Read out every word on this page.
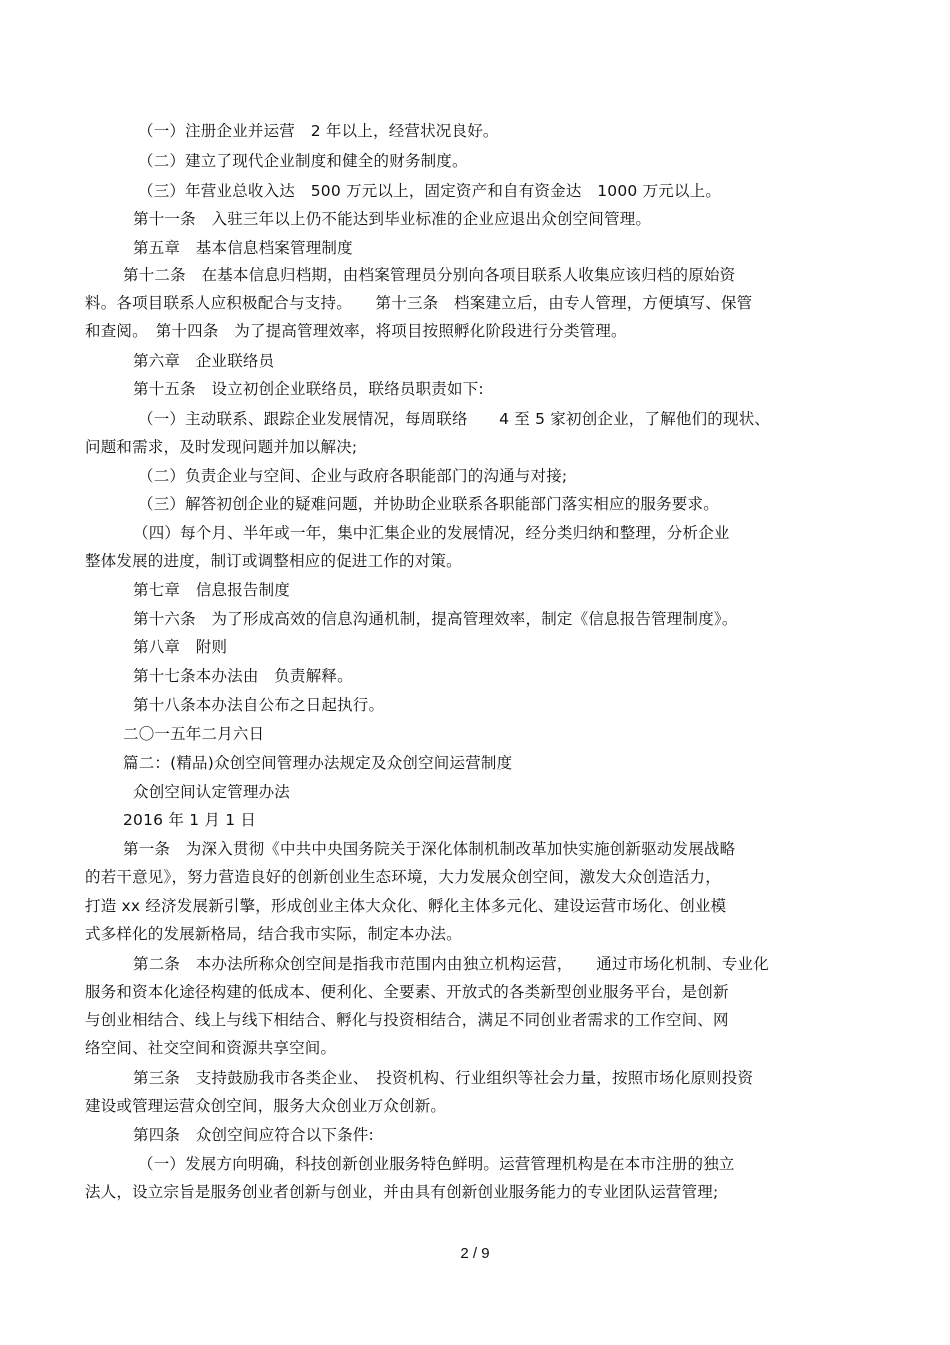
（一）注册企业并运营　2 年以上，经营状况良好。
（二）建立了现代企业制度和健全的财务制度。
（三）年营业总收入达　500 万元以上，固定资产和自有资金达　1000 万元以上。
第十一条　入驻三年以上仍不能达到毕业标准的企业应退出众创空间管理。
第五章　基本信息档案管理制度
第十二条　在基本信息归档期，由档案管理员分别向各项目联系人收集应该归档的原始资
料。各项目联系人应积极配合与支持。　　第十三条　档案建立后，由专人管理，方便填写、保管
和查阅。　第十四条　为了提高管理效率，将项目按照孵化阶段进行分类管理。
第六章　企业联络员
第十五条　设立初创企业联络员，联络员职责如下:
（一）主动联系、跟踪企业发展情况，每周联络　　4 至 5 家初创企业，了解他们的现状、
问题和需求，及时发现问题并加以解决;
（二）负责企业与空间、企业与政府各职能部门的沟通与对接;
（三）解答初创企业的疑难问题，并协助企业联系各职能部门落实相应的服务要求。
（四）每个月、半年或一年，集中汇集企业的发展情况，经分类归纳和整理，分析企业
整体发展的进度，制订或调整相应的促进工作的对策。
第七章　信息报告制度
第十六条　为了形成高效的信息沟通机制，提高管理效率，制定《信息报告管理制度》。
第八章　附则
第十七条本办法由　负责解释。
第十八条本办法自公布之日起执行。
二〇一五年二月六日
篇二：(精品)众创空间管理办法规定及众创空间运营制度
众创空间认定管理办法
2016 年 1 月 1 日
第一条　为深入贯彻《中共中央国务院关于深化体制机制改革加快实施创新驱动发展战略
的若干意见》，努力营造良好的创新创业生态环境，大力发展众创空间，激发大众创造活力，
打造 xx 经济发展新引擎，形成创业主体大众化、孵化主体多元化、建设运营市场化、创业模
式多样化的发展新格局，结合我市实际，制定本办法。
第二条　本办法所称众创空间是指我市范围内由独立机构运营，　　通过市场化机制、专业化
服务和资本化途径构建的低成本、便利化、全要素、开放式的各类新型创业服务平台，是创新
与创业相结合、线上与线下相结合、孵化与投资相结合，满足不同创业者需求的工作空间、网
络空间、社交空间和资源共享空间。
第三条　支持鼓励我市各类企业、　投资机构、行业组织等社会力量，按照市场化原则投资
建设或管理运营众创空间，服务大众创业万众创新。
第四条　众创空间应符合以下条件:
（一）发展方向明确，科技创新创业服务特色鲜明。运营管理机构是在本市注册的独立
法人，设立宗旨是服务创业者创新与创业，并由具有创新创业服务能力的专业团队运营管理;
2 / 9
